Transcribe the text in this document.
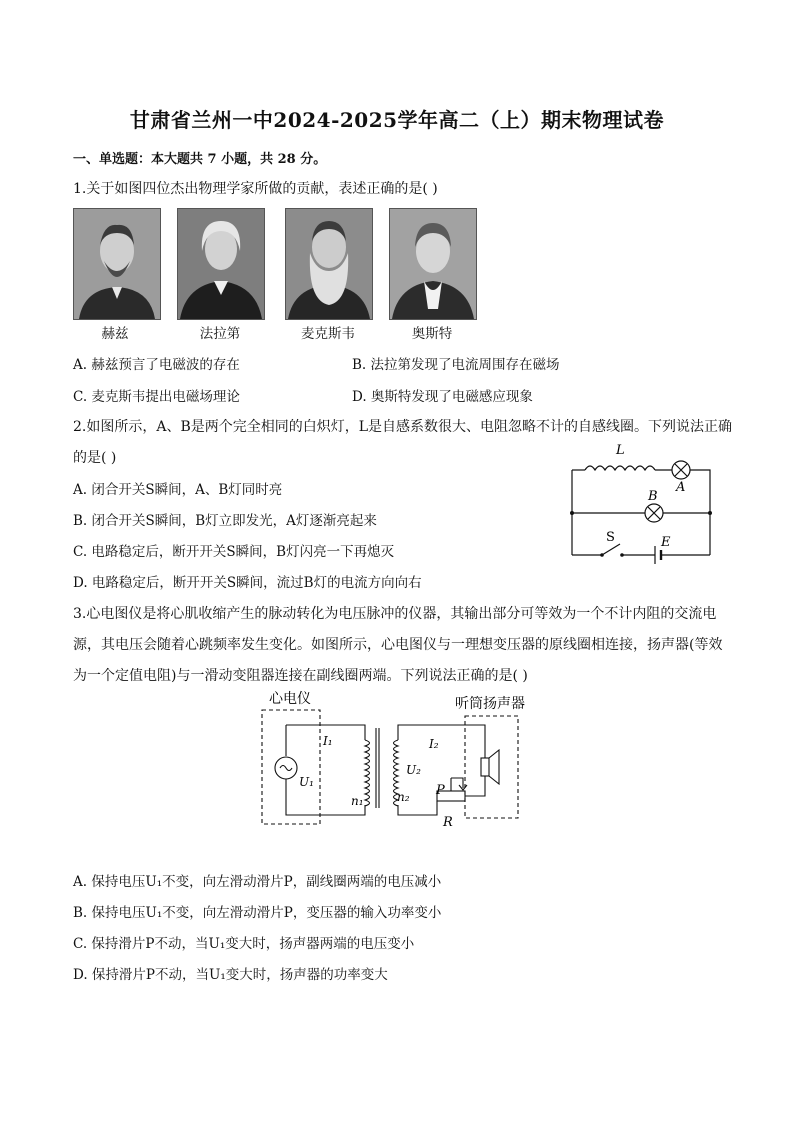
甘肃省兰州一中2024-2025学年高二（上）期末物理试卷
一、单选题：本大题共 7 小题，共 28 分。
1.关于如图四位杰出物理学家所做的贡献，表述正确的是( )
赫兹	法拉第	麦克斯韦	奥斯特
A. 赫兹预言了电磁波的存在	B. 法拉第发现了电流周围存在磁场
C. 麦克斯韦提出电磁场理论	D. 奥斯特发现了电磁感应现象
2.如图所示，A、B是两个完全相同的白炽灯，L是自感系数很大、电阻忽略不计的自感线圈。下列说法正确
的是( )
A. 闭合开关S瞬间，A、B灯同时亮
B. 闭合开关S瞬间，B灯立即发光，A灯逐渐亮起来
C. 电路稳定后，断开开关S瞬间，B灯闪亮一下再熄灭
D. 电路稳定后，断开开关S瞬间，流过B灯的电流方向向右
L
A
B
S	E
3.心电图仪是将心肌收缩产生的脉动转化为电压脉冲的仪器，其输出部分可等效为一个不计内阻的交流电
源，其电压会随着心跳频率发生变化。如图所示，心电图仪与一理想变压器的原线圈相连接，扬声器(等效
为一个定值电阻)与一滑动变阻器连接在副线圈两端。下列说法正确的是( )
心电仪	听筒扬声器
I₁
U₁
n₁
I₂
U₂
n₂ P
R
A. 保持电压U₁不变，向左滑动滑片P，副线圈两端的电压减小
B. 保持电压U₁不变，向左滑动滑片P，变压器的输入功率变小
C. 保持滑片P不动，当U₁变大时，扬声器两端的电压变小
D. 保持滑片P不动，当U₁变大时，扬声器的功率变大
